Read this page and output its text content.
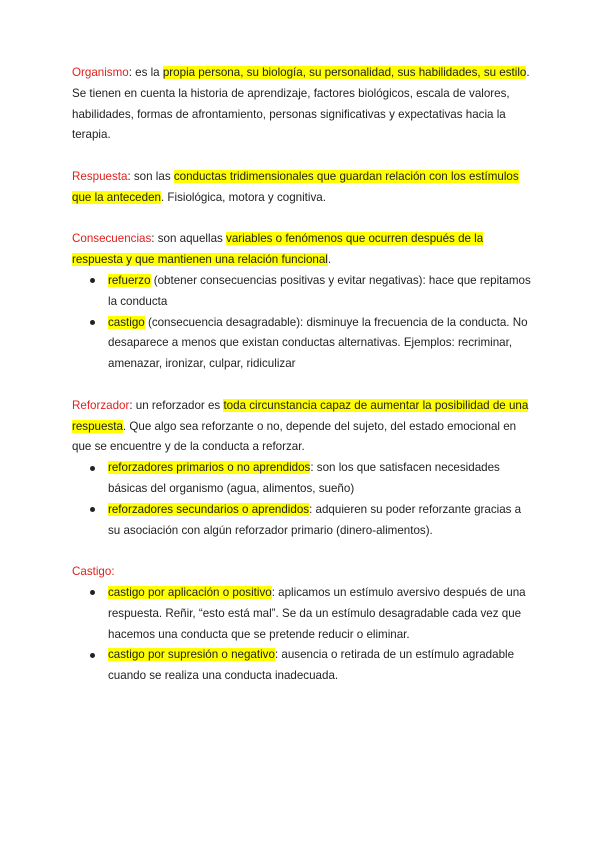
Organismo: es la propia persona, su biología, su personalidad, sus habilidades, su estilo. Se tienen en cuenta la historia de aprendizaje, factores biológicos, escala de valores, habilidades, formas de afrontamiento, personas significativas y expectativas hacia la terapia.

Respuesta: son las conductas tridimensionales que guardan relación con los estímulos que la anteceden. Fisiológica, motora y cognitiva.

Consecuencias: son aquellas variables o fenómenos que ocurren después de la respuesta y que mantienen una relación funcional.

refuerzo (obtener consecuencias positivas y evitar negativas): hace que repitamos la conducta
castigo (consecuencia desagradable): disminuye la frecuencia de la conducta. No desaparece a menos que existan conductas alternativas. Ejemplos: recriminar, amenazar, ironizar, culpar, ridiculizar

Reforzador: un reforzador es toda circunstancia capaz de aumentar la posibilidad de una respuesta. Que algo sea reforzante o no, depende del sujeto, del estado emocional en que se encuentre y de la conducta a reforzar.

reforzadores primarios o no aprendidos: son los que satisfacen necesidades básicas del organismo (agua, alimentos, sueño)
reforzadores secundarios o aprendidos: adquieren su poder reforzante gracias a su asociación con algún reforzador primario (dinero-alimentos).

Castigo:

castigo por aplicación o positivo: aplicamos un estímulo aversivo después de una respuesta. Reñir, “esto está mal”. Se da un estímulo desagradable cada vez que hacemos una conducta que se pretende reducir o eliminar.
castigo por supresión o negativo: ausencia o retirada de un estímulo agradable cuando se realiza una conducta inadecuada.
